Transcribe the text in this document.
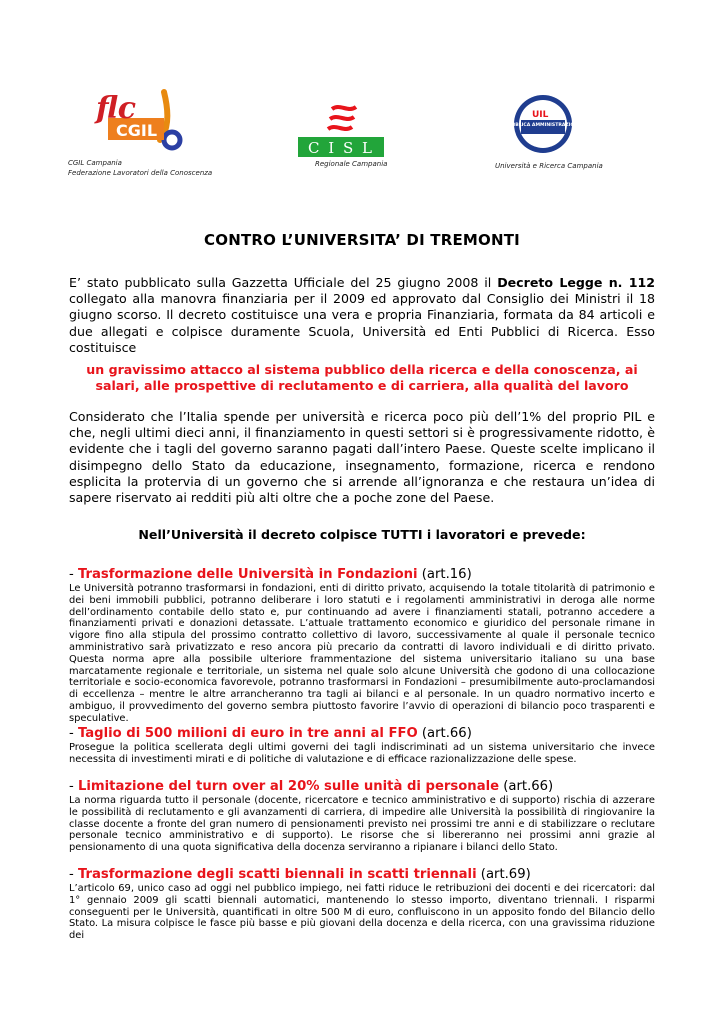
flc
CGIL
CGIL Campania
Federazione Lavoratori della Conoscenza
C I S L
Regionale Campania
UIL
PUBBLICA AMMINISTRAZIONE
Università e Ricerca Campania
CONTRO L’UNIVERSITA’ DI TREMONTI
E’ stato pubblicato sulla Gazzetta Ufficiale del 25 giugno 2008 il Decreto Legge n. 112 collegato alla manovra finanziaria per il 2009 ed approvato dal Consiglio dei Ministri il 18 giugno scorso. Il decreto costituisce una vera e propria Finanziaria, formata da 84 articoli e due allegati e colpisce duramente Scuola, Università ed Enti Pubblici di Ricerca. Esso costituisce
un gravissimo attacco al sistema pubblico della ricerca e della conoscenza, ai salari, alle prospettive di reclutamento e di carriera, alla qualità del lavoro
Considerato che l’Italia spende per università e ricerca poco più dell’1% del proprio PIL e che, negli ultimi dieci anni, il finanziamento in questi settori si è progressivamente ridotto, è evidente che i tagli del governo saranno pagati dall’intero Paese. Queste scelte implicano il disimpegno dello Stato da educazione, insegnamento, formazione, ricerca e rendono esplicita la protervia di un governo che si arrende all’ignoranza e che restaura un’idea di sapere riservato ai redditi più alti oltre che a poche zone del Paese.
Nell’Università il decreto colpisce TUTTI i lavoratori e prevede:
- Trasformazione delle Università in Fondazioni (art.16)
Le Università potranno trasformarsi in fondazioni, enti di diritto privato, acquisendo la totale titolarità di patrimonio e dei beni immobili pubblici, potranno deliberare i loro statuti e i regolamenti amministrativi in deroga alle norme dell’ordinamento contabile dello stato e, pur continuando ad avere i finanziamenti statali, potranno accedere a finanziamenti privati e donazioni detassate. L’attuale trattamento economico e giuridico del personale rimane in vigore fino alla stipula del prossimo contratto collettivo di lavoro, successivamente al quale il personale tecnico amministrativo sarà privatizzato e reso ancora più precario da contratti di lavoro individuali e di diritto privato. Questa norma apre alla possibile ulteriore frammentazione del sistema universitario italiano su una base marcatamente regionale e territoriale, un sistema nel quale solo alcune Università che godono di una collocazione territoriale e socio-economica favorevole, potranno trasformarsi in Fondazioni – presumibilmente auto-proclamandosi di eccellenza – mentre le altre arrancheranno tra tagli ai bilanci e al personale. In un quadro normativo incerto e ambiguo, il provvedimento del governo sembra piuttosto favorire l’avvio di operazioni di bilancio poco trasparenti e speculative.
- Taglio di 500 milioni di euro in tre anni al FFO (art.66)
Prosegue la politica scellerata degli ultimi governi dei tagli indiscriminati ad un sistema universitario che invece necessita di investimenti mirati e di politiche di valutazione e di efficace razionalizzazione delle spese.
- Limitazione del turn over al 20% sulle unità di personale (art.66)
La norma riguarda tutto il personale (docente, ricercatore e tecnico amministrativo e di supporto) rischia di azzerare le possibilità di reclutamento e gli avanzamenti di carriera, di impedire alle Università la possibilità di ringiovanire la classe docente a fronte del gran numero di pensionamenti previsto nei prossimi tre anni e di stabilizzare o reclutare personale tecnico amministrativo e di supporto). Le risorse che si libereranno nei prossimi anni grazie al pensionamento di una quota significativa della docenza serviranno a ripianare i bilanci dello Stato.
- Trasformazione degli scatti biennali in scatti triennali (art.69)
L’articolo 69, unico caso ad oggi nel pubblico impiego, nei fatti riduce le retribuzioni dei docenti e dei ricercatori: dal 1° gennaio 2009 gli scatti biennali automatici, mantenendo lo stesso importo, diventano triennali. I risparmi conseguenti per le Università, quantificati in oltre 500 M di euro, confluiscono in un apposito fondo del Bilancio dello Stato. La misura colpisce le fasce più basse e più giovani della docenza e della ricerca, con una gravissima riduzione dei
